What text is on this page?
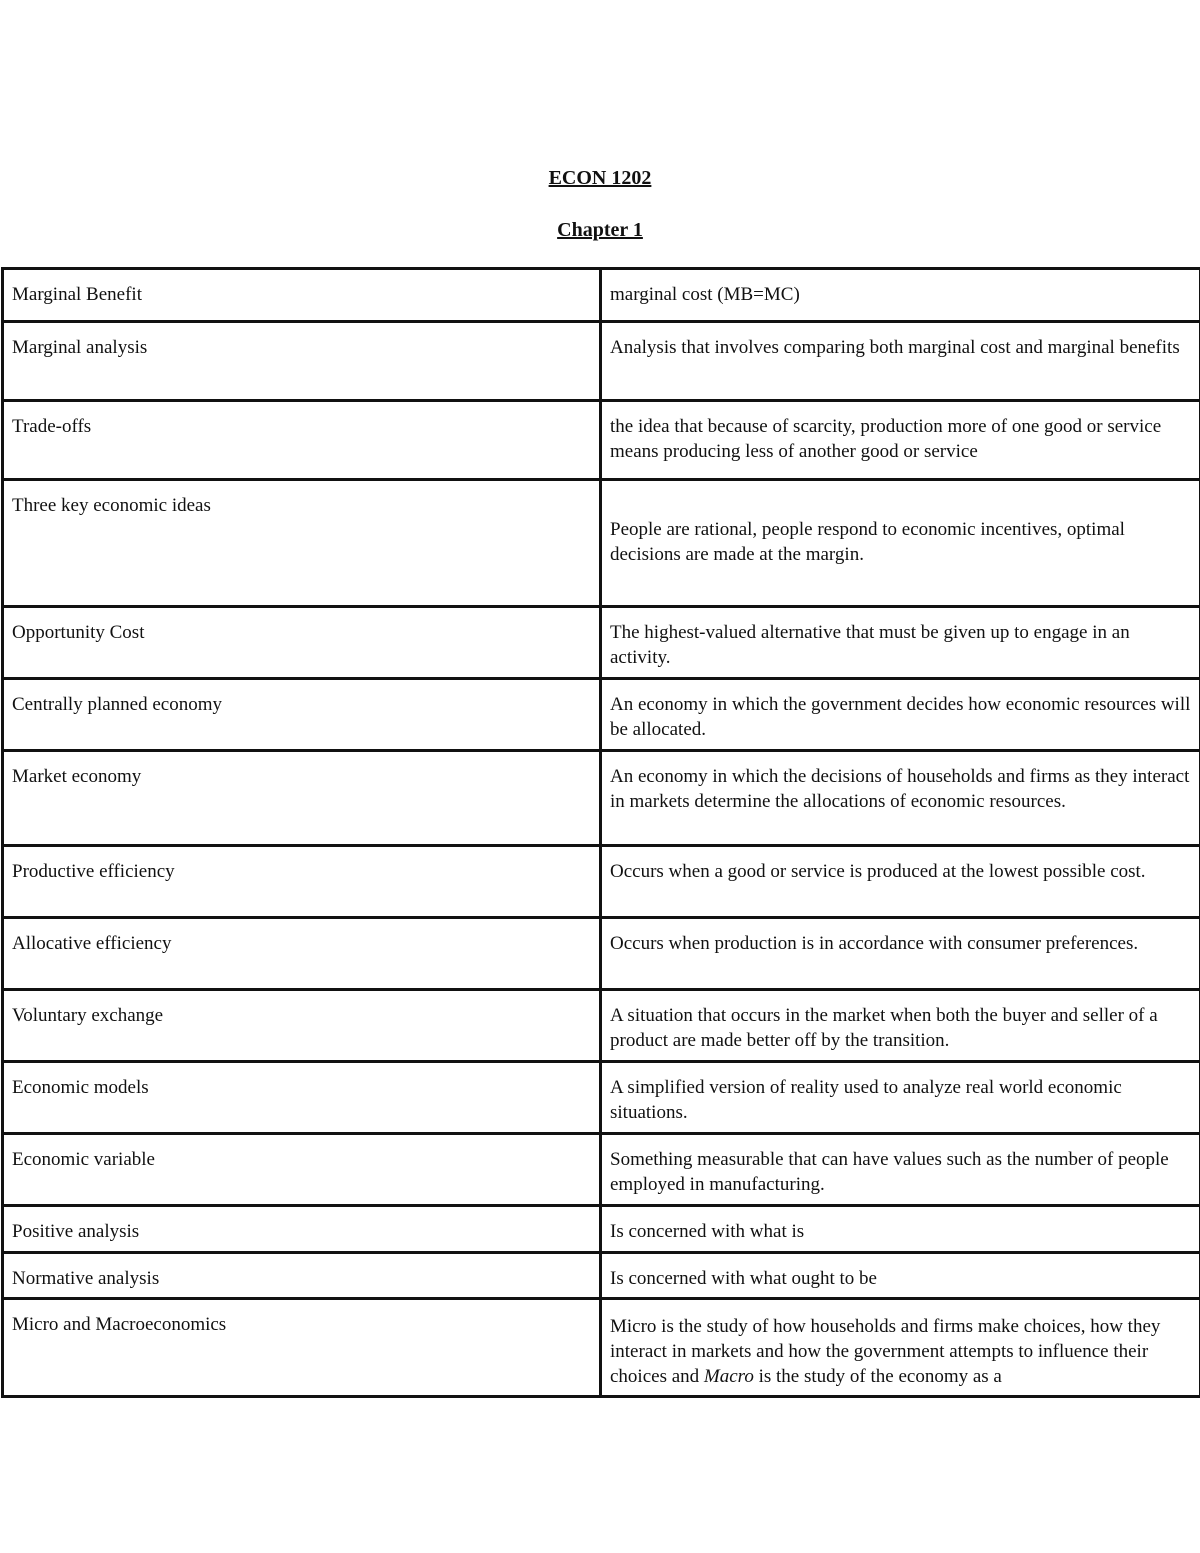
ECON 1202
Chapter 1
Marginal Benefit	marginal cost (MB=MC)
Marginal analysis	Analysis that involves comparing both marginal cost and marginal benefits
Trade-offs	the idea that because of scarcity, production more of one good or service means producing less of another good or service
Three key economic ideas	People are rational, people respond to economic incentives, optimal decisions are made at the margin.
Opportunity Cost	The highest-valued alternative that must be given up to engage in an activity.
Centrally planned economy	An economy in which the government decides how economic resources will be allocated.
Market economy	An economy in which the decisions of households and firms as they interact in markets determine the allocations of economic resources.
Productive efficiency	Occurs when a good or service is produced at the lowest possible cost.
Allocative efficiency	Occurs when production is in accordance with consumer preferences.
Voluntary exchange	A situation that occurs in the market when both the buyer and seller of a product are made better off by the transition.
Economic models	A simplified version of reality used to analyze real world economic situations.
Economic variable	Something measurable that can have values such as the number of people employed in manufacturing.
Positive analysis	Is concerned with what is
Normative analysis	Is concerned with what ought to be
Micro and Macroeconomics	Micro is the study of how households and firms make choices, how they interact in markets and how the government attempts to influence their choices and Macro is the study of the economy as a
